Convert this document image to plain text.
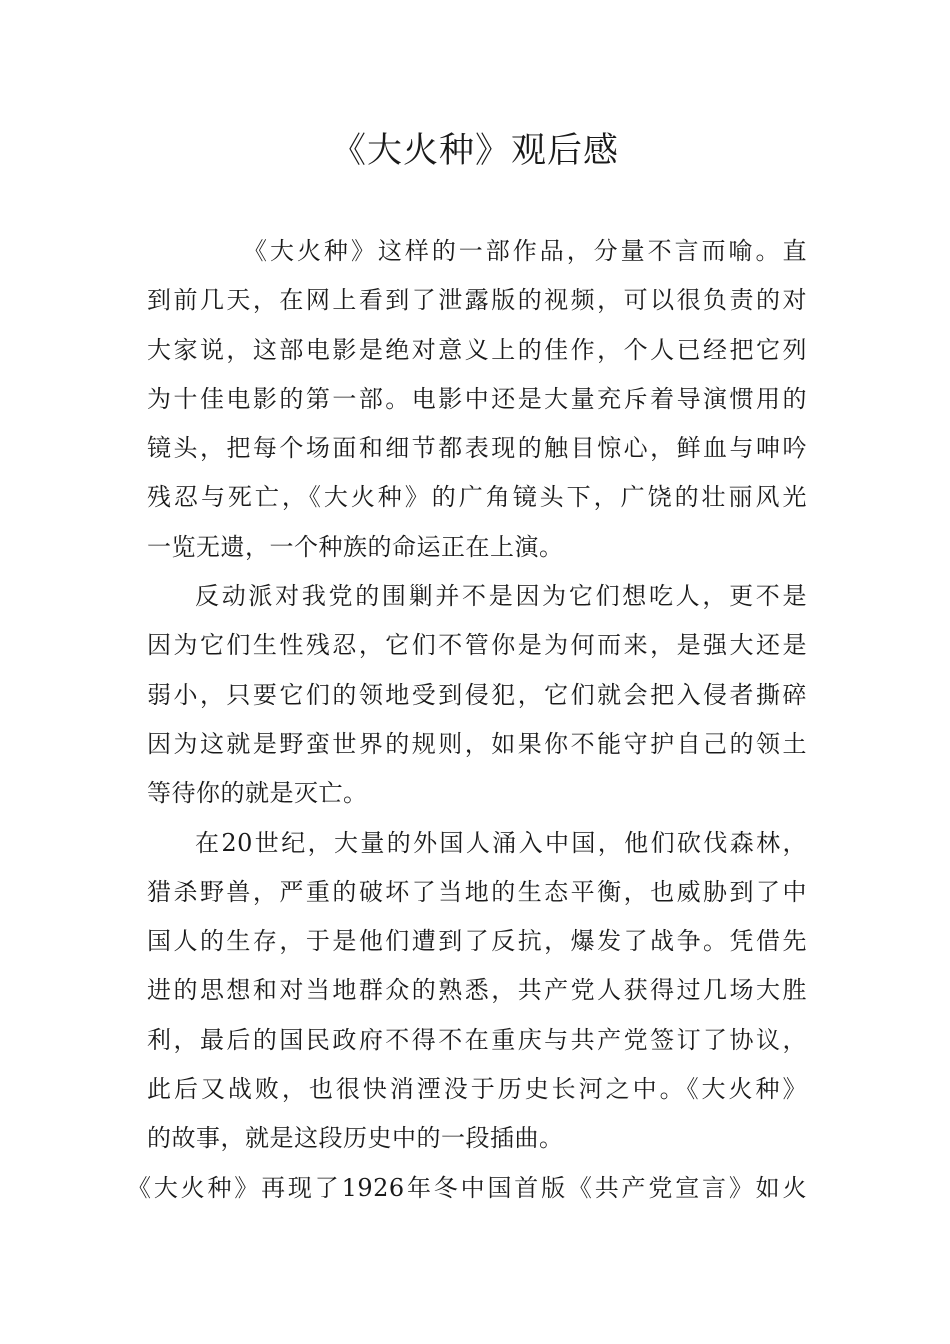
《大火种》观后感
《大火种》这样的一部作品，分量不言而喻。直
到前几天，在网上看到了泄露版的视频，可以很负责的对
大家说，这部电影是绝对意义上的佳作，个人已经把它列
为十佳电影的第一部。电影中还是大量充斥着导演惯用的
镜头，把每个场面和细节都表现的触目惊心，鲜血与呻吟
残忍与死亡，《大火种》的广角镜头下，广饶的壮丽风光
一览无遗，一个种族的命运正在上演。
反动派对我党的围剿并不是因为它们想吃人，更不是
因为它们生性残忍，它们不管你是为何而来，是强大还是
弱小，只要它们的领地受到侵犯，它们就会把入侵者撕碎
因为这就是野蛮世界的规则，如果你不能守护自己的领土
等待你的就是灭亡。
在20世纪，大量的外国人涌入中国，他们砍伐森林，
猎杀野兽，严重的破坏了当地的生态平衡，也威胁到了中
国人的生存，于是他们遭到了反抗，爆发了战争。凭借先
进的思想和对当地群众的熟悉，共产党人获得过几场大胜
利，最后的国民政府不得不在重庆与共产党签订了协议，
此后又战败，也很快消湮没于历史长河之中。《大火种》
的故事，就是这段历史中的一段插曲。
《大火种》再现了1926年冬中国首版《共产党宣言》如火
